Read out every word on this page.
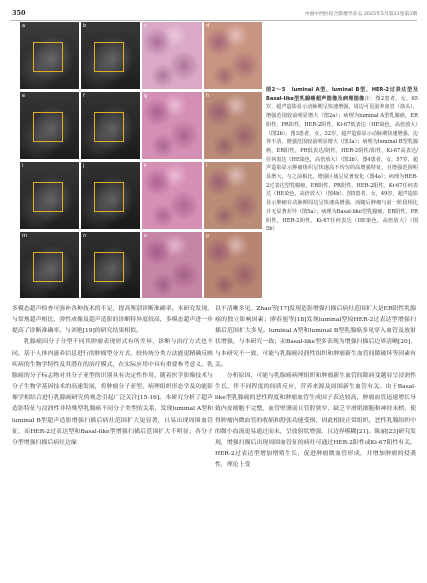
350	中国中西医结合影像学杂志 2025年5月第23卷第3期
a	b	c	d
e	f	g	h
i	j	k	l
m	n	o	p
图2～5　luminal A型、luminal B型、HER-2过表达型及Basal-like型乳腺癌超声图像及病理图像注：图2患者，女，65岁，超声造影显示动脉期呈快速增强，周边可见滋养血管（箭头），增强范围较前明显增大（图2a）；病理为luminal A型乳腺癌，ER阳性，PR阳性，HER-2阴性，Ki-67低表达（HE染色，高倍放大）（图2b）。图3患者，女，32岁，超声造影显示动脉期快速增强，边界不清，增强范围较前明显增大（图3a）；病理为luminal B型乳腺癌，ER阳性，PR低表达/阴性，HER-2阴性/阳性，Ki-67高表达/任何表达（HE染色，高倍放大）（图3b）。图4患者，女，57岁，超声造影显示肿瘤组织呈快速高不均匀的高增强特征，且增强范围明显增大，与之前相比，增强区域呈显著变化（图4a）；病理为HER-2过表达型乳腺癌，ER阴性，PR阴性，HER-2阳性，Ki-67任何表达（HE染色，高倍放大）（图4b）。图5患者，女，49岁，超声造影显示肿瘤在动脉期周边呈快速高增强，而随后肿瘤与前一阶段相比并无显著差异（图5a）；病理为Basal-like型乳腺癌，ER阴性，PR阴性，HER-2阴性，Ki-67任何表达（HE染色，高倍放大）（图5b）

多模态超声检查可弥补各种技术的不足，提高鉴别诊断准确率。本研究发现，与常规超声相比，弹性成像及超声造影的诊断特异度较高，多模态超声进一步提高了诊断准确率，与刘艳[19]的研究结果相似。

乳腺癌因分子分型不同其肿瘤表现形式有所差异，诊断与治疗方式也不同。基于人体内滋养信息进行的肿瘤型分方式，较传统分类方法能更精确反映疾病的生物学特性及其潜在的治疗模式，在实际应用中具有重要参考意义。乳腺癌的分子标志物对其分子亚型的识别具有决定性作用。随着医学影像技术与分子生物学基因技术的高速发展，将肿瘤分子亚型、病理组织形态学及功能影像学相结合进行乳腺癌研究的观念引起广泛关注[15-16]。本研究分析了超声造影特征与浸润性非特殊型乳腺癌不同分子类型的关系，发现luminal A型和luminal B型超声造影增强扫描后病灶范围扩大更显著，且易出现周围血管征，而HER-2过表达型和Basal-like型增强扫描后范围扩大不明显；各分子分型增强扫描后病灶边缘

以不清晰多见。Zhao等[17]发现造影增强扫描后病灶范围扩大是ER阳性乳腺癌的独立影响因素；廖春旭等[18]发现luminal型较HER-2过表达型增强扫描后范围扩大多见。luminal A型和luminal B型乳腺癌多见穿入血管及放射状增强，与本研究一致；而Basal-like型多表现为增强扫描后边界清晰[20]，与本研究不一致，可能与乳腺癌浸润性组织和肿瘤新生血管间隙破坏等因素有关。

分析原因，可能与乳腺癌病理组织和肿瘤新生血管间隙病变越显呈浸润性生长，伴不同程度的间质反应，营养来源及周围新生血管有关。由于Basal-like型乳腺癌的恶性程度和肿瘤血管生成因子表达较高，肿瘤血管迅速增长导致内皮细胞不完整，血管壁薄弱且管腔狭窄，缺乏平滑肌细胞和神经末梢，使得肿瘤内微血管的收缩和舒张功能受损，因此相较正常组织，恶性乳腺组织中的微小血流更易通过而未，呈放射状增强，且边界模糊[21]。陈丽[23]研究发现，增强扫描后出现周围血管征的病灶可通过HER-2阳性或Ki-67阳性有关。HER-2过表达型增加增殖生长，促进肿瘤微血管形成，并增加肿瘤的侵袭性，理论上受
